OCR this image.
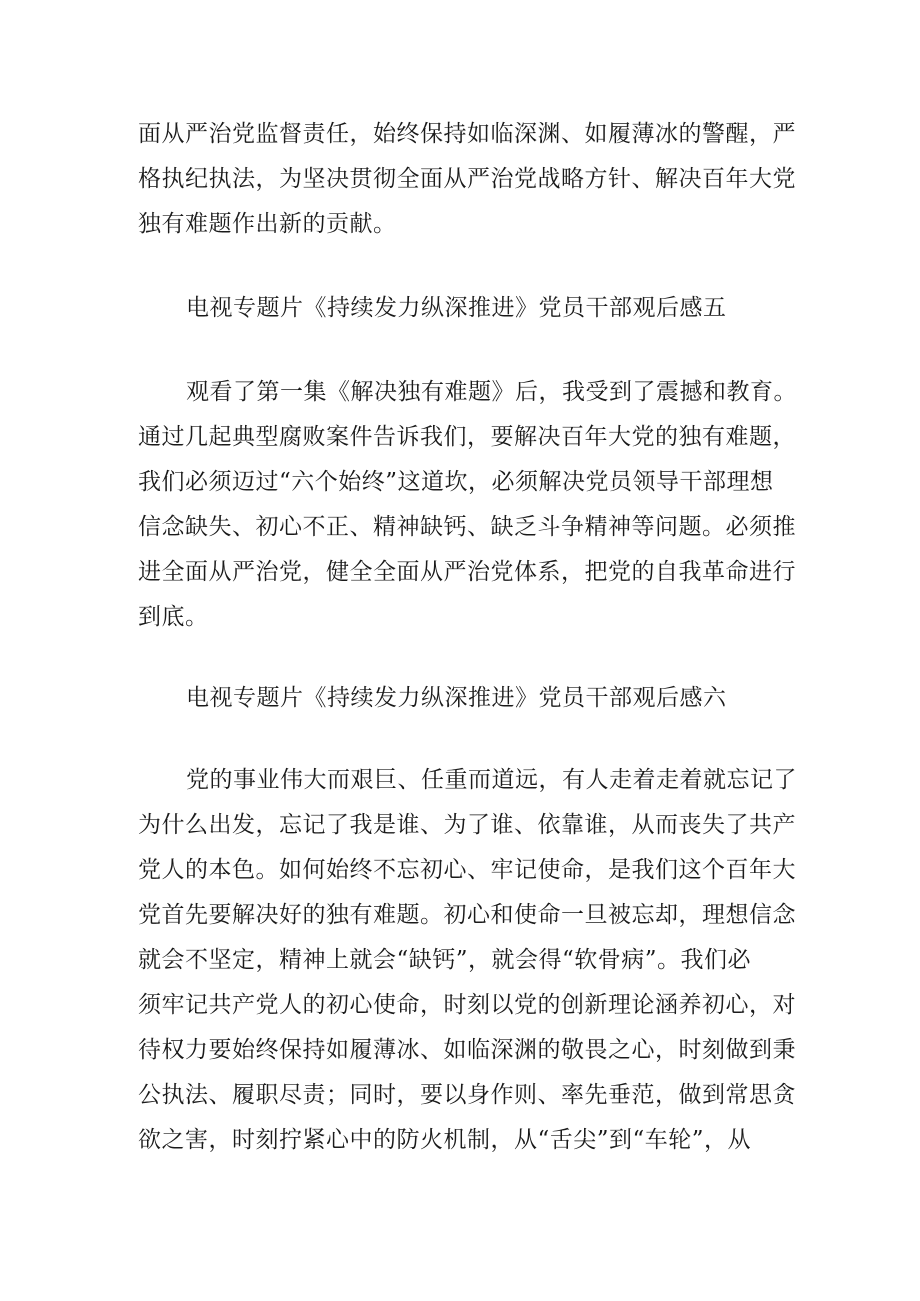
面从严治党监督责任，始终保持如临深渊、如履薄冰的警醒，严
格执纪执法，为坚决贯彻全面从严治党战略方针、解决百年大党
独有难题作出新的贡献。
电视专题片《持续发力纵深推进》党员干部观后感五
观看了第一集《解决独有难题》后，我受到了震撼和教育。
通过几起典型腐败案件告诉我们，要解决百年大党的独有难题，
我们必须迈过“六个始终”这道坎，必须解决党员领导干部理想
信念缺失、初心不正、精神缺钙、缺乏斗争精神等问题。必须推
进全面从严治党，健全全面从严治党体系，把党的自我革命进行
到底。
电视专题片《持续发力纵深推进》党员干部观后感六
党的事业伟大而艰巨、任重而道远，有人走着走着就忘记了
为什么出发，忘记了我是谁、为了谁、依靠谁，从而丧失了共产
党人的本色。如何始终不忘初心、牢记使命，是我们这个百年大
党首先要解决好的独有难题。初心和使命一旦被忘却，理想信念
就会不坚定，精神上就会“缺钙”，就会得“软骨病”。我们必
须牢记共产党人的初心使命，时刻以党的创新理论涵养初心，对
待权力要始终保持如履薄冰、如临深渊的敬畏之心，时刻做到秉
公执法、履职尽责；同时，要以身作则、率先垂范，做到常思贪
欲之害，时刻拧紧心中的防火机制，从“舌尖”到“车轮”，从
